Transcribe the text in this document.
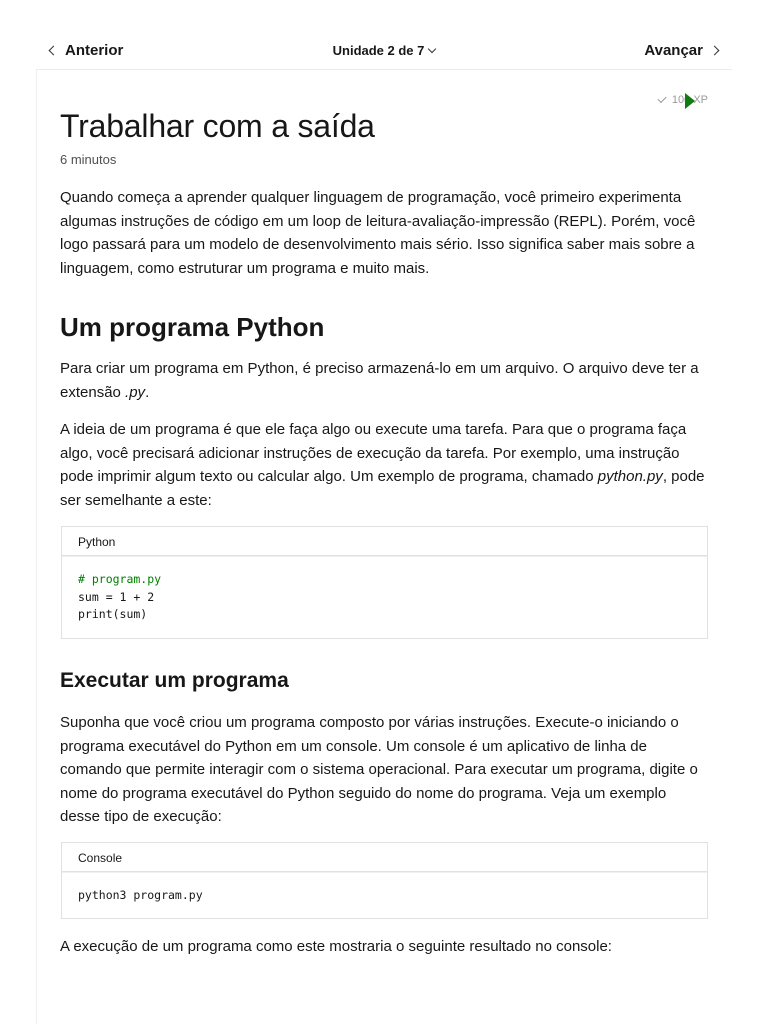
Anterior	Unidade 2 de 7	Avançar
100 XP
Trabalhar com a saída
6 minutos

Quando começa a aprender qualquer linguagem de programação, você primeiro experimenta algumas instruções de código em um loop de leitura-avaliação-impressão (REPL). Porém, você logo passará para um modelo de desenvolvimento mais sério. Isso significa saber mais sobre a linguagem, como estruturar um programa e muito mais.

Um programa Python

Para criar um programa em Python, é preciso armazená-lo em um arquivo. O arquivo deve ter a extensão .py.

A ideia de um programa é que ele faça algo ou execute uma tarefa. Para que o programa faça algo, você precisará adicionar instruções de execução da tarefa. Por exemplo, uma instrução pode imprimir algum texto ou calcular algo. Um exemplo de programa, chamado python.py, pode ser semelhante a este:

Python
# program.py
sum = 1 + 2
print(sum)
Executar um programa

Suponha que você criou um programa composto por várias instruções. Execute-o iniciando o programa executável do Python em um console. Um console é um aplicativo de linha de comando que permite interagir com o sistema operacional. Para executar um programa, digite o nome do programa executável do Python seguido do nome do programa. Veja um exemplo desse tipo de execução:

Console
python3 program.py

A execução de um programa como este mostraria o seguinte resultado no console:
